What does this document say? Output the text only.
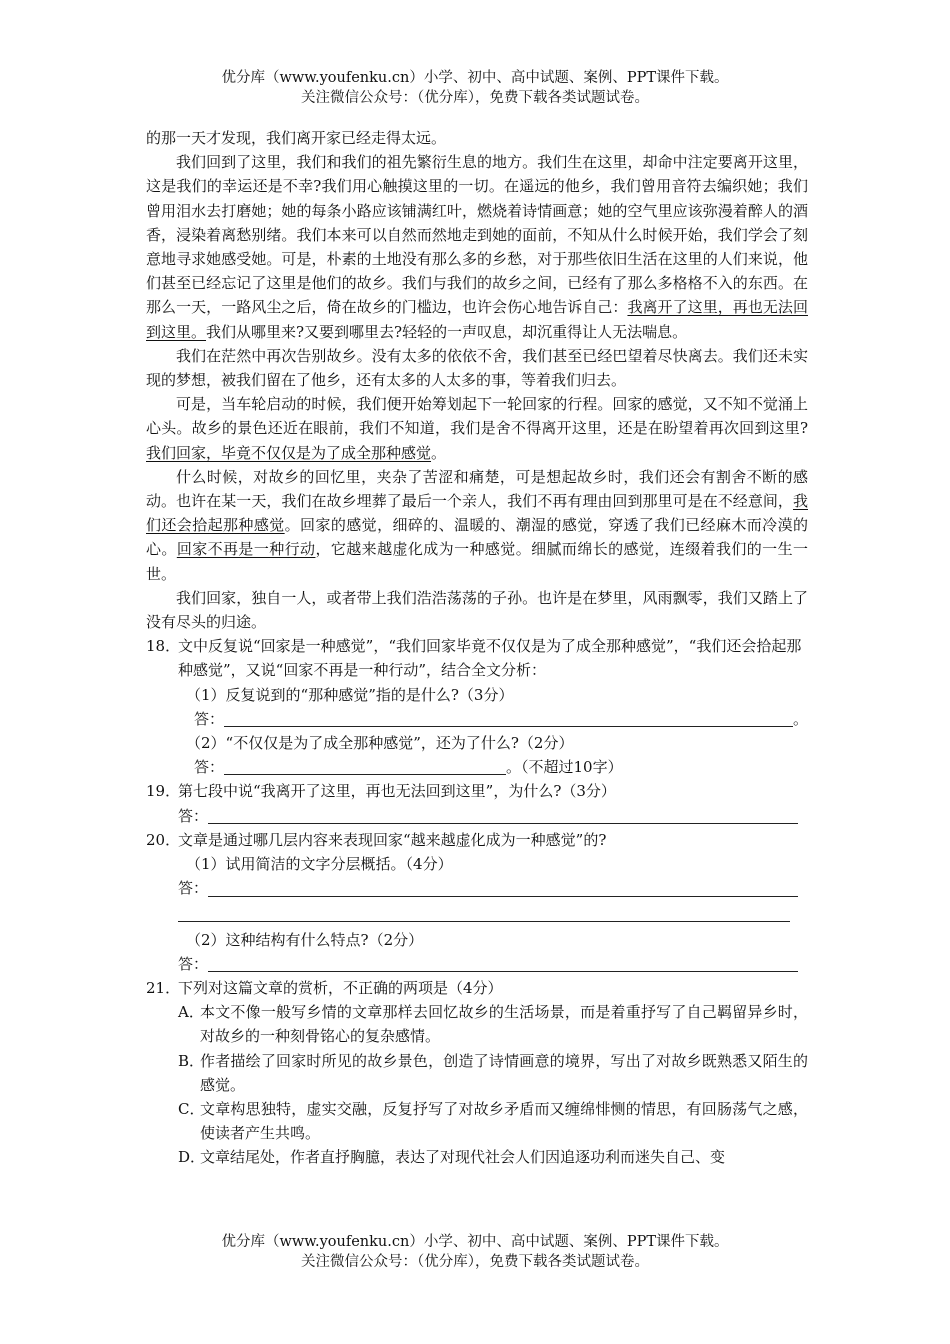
优分库（www.youfenku.cn）小学、初中、高中试题、案例、PPT课件下载。
关注微信公众号：（优分库），免费下载各类试题试卷。

的那一天才发现，我们离开家已经走得太远。

我们回到了这里，我们和我们的祖先繁衍生息的地方。我们生在这里，却命中注定要离开这里，这是我们的幸运还是不幸?我们用心触摸这里的一切。在遥远的他乡，我们曾用音符去编织她；我们曾用泪水去打磨她；她的每条小路应该铺满红叶，燃烧着诗情画意；她的空气里应该弥漫着醉人的酒香，浸染着离愁别绪。我们本来可以自然而然地走到她的面前，不知从什么时候开始，我们学会了刻意地寻求她感受她。可是，朴素的土地没有那么多的乡愁，对于那些依旧生活在这里的人们来说，他们甚至已经忘记了这里是他们的故乡。我们与我们的故乡之间，已经有了那么多格格不入的东西。在那么一天，一路风尘之后，倚在故乡的门槛边，也许会伤心地告诉自己：我离开了这里，再也无法回到这里。我们从哪里来?又要到哪里去?轻轻的一声叹息，却沉重得让人无法喘息。

我们在茫然中再次告别故乡。没有太多的依依不舍，我们甚至已经巴望着尽快离去。我们还未实现的梦想，被我们留在了他乡，还有太多的人太多的事，等着我们归去。

可是，当车轮启动的时候，我们便开始筹划起下一轮回家的行程。回家的感觉，又不知不觉涌上心头。故乡的景色还近在眼前，我们不知道，我们是舍不得离开这里，还是在盼望着再次回到这里?我们回家，毕竟不仅仅是为了成全那种感觉。

什么时候，对故乡的回忆里，夹杂了苦涩和痛楚，可是想起故乡时，我们还会有割舍不断的感动。也许在某一天，我们在故乡埋葬了最后一个亲人，我们不再有理由回到那里可是在不经意间，我们还会拾起那种感觉。回家的感觉，细碎的、温暖的、潮湿的感觉，穿透了我们已经麻木而冷漠的心。回家不再是一种行动，它越来越虚化成为一种感觉。细腻而绵长的感觉，连缀着我们的一生一世。

我们回家，独自一人，或者带上我们浩浩荡荡的子孙。也许是在梦里，风雨飘零，我们又踏上了没有尽头的归途。

18．
文中反复说“回家是一种感觉”，“我们回家毕竟不仅仅是为了成全那种感觉”，“我们还会拾起那种感觉”，又说“回家不再是一种行动”，结合全文分析：
（1）反复说到的“那种感觉”指的是什么?（3分）
答：	。
（2）“不仅仅是为了成全那种感觉”，还为了什么?（2分）
答：	。（不超过10字）
19．
第七段中说“我离开了这里，再也无法回到这里”，为什么?（3分）
答：
20．
文章是通过哪几层内容来表现回家“越来越虚化成为一种感觉”的?
（1）试用简洁的文字分层概括。（4分）
答：
（2）这种结构有什么特点?（2分）
答：
21．
下列对这篇文章的赏析，不正确的两项是（4分）
A．
本文不像一般写乡情的文章那样去回忆故乡的生活场景，而是着重抒写了自己羁留异乡时，对故乡的一种刻骨铭心的复杂感情。
B．
作者描绘了回家时所见的故乡景色，创造了诗情画意的境界，写出了对故乡既熟悉又陌生的感觉。
C．
文章构思独特，虚实交融，反复抒写了对故乡矛盾而又缠绵悱恻的情思，有回肠荡气之感，使读者产生共鸣。
D．
文章结尾处，作者直抒胸臆，表达了对现代社会人们因追逐功利而迷失自己、变
优分库（www.youfenku.cn）小学、初中、高中试题、案例、PPT课件下载。
关注微信公众号：（优分库），免费下载各类试题试卷。
